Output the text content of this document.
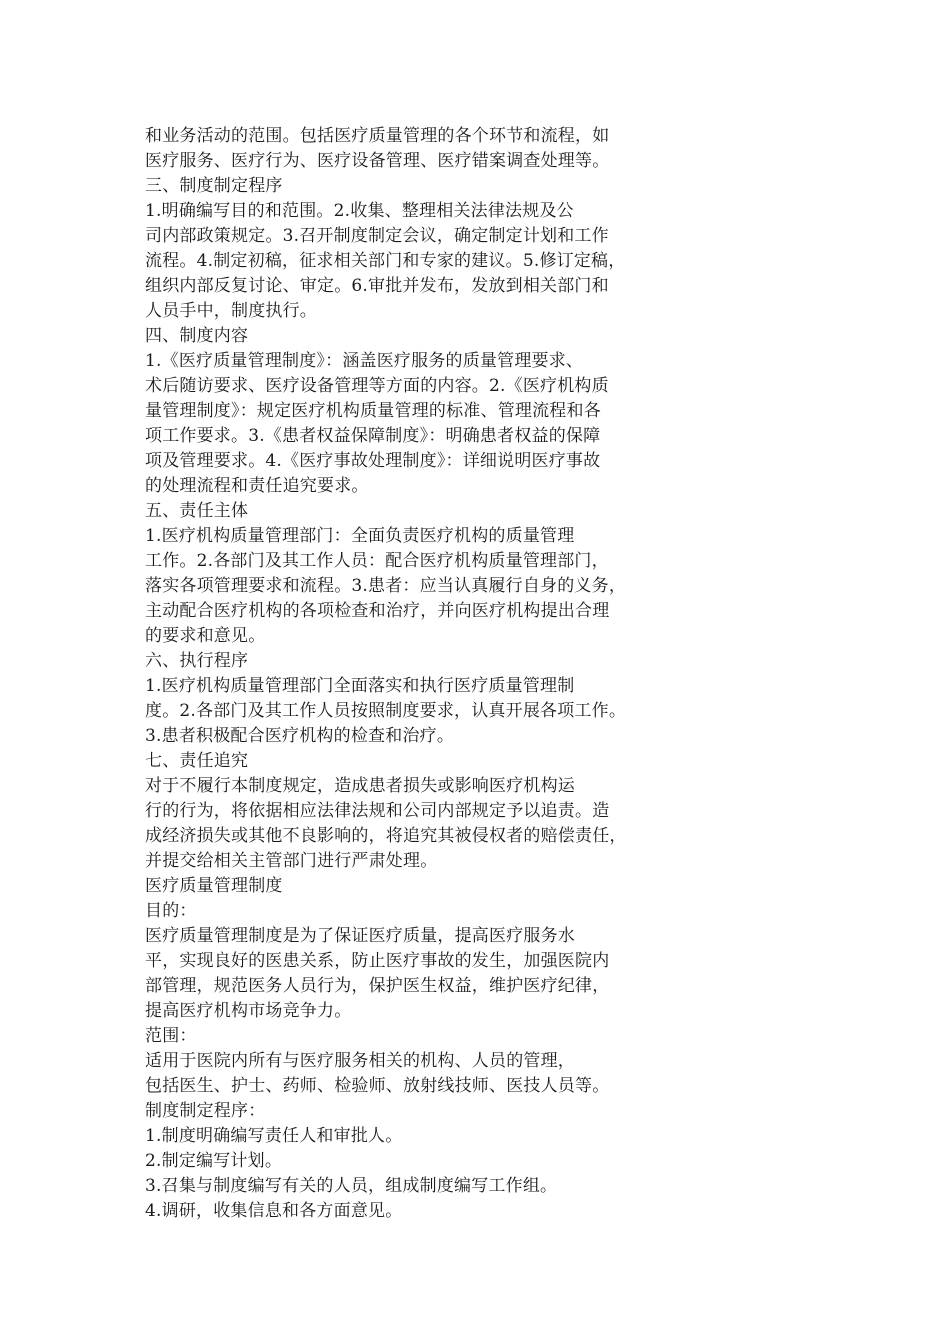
和业务活动的范围。包括医疗质量管理的各个环节和流程，如
医疗服务、医疗行为、医疗设备管理、医疗错案调查处理等。
三、制度制定程序
1.明确编写目的和范围。2.收集、整理相关法律法规及公
司内部政策规定。3.召开制度制定会议，确定制定计划和工作
流程。4.制定初稿，征求相关部门和专家的建议。5.修订定稿，
组织内部反复讨论、审定。6.审批并发布，发放到相关部门和
人员手中，制度执行。
四、制度内容
1.《医疗质量管理制度》：涵盖医疗服务的质量管理要求、
术后随访要求、医疗设备管理等方面的内容。2.《医疗机构质
量管理制度》：规定医疗机构质量管理的标准、管理流程和各
项工作要求。3.《患者权益保障制度》：明确患者权益的保障
项及管理要求。4.《医疗事故处理制度》：详细说明医疗事故
的处理流程和责任追究要求。
五、责任主体
1.医疗机构质量管理部门：全面负责医疗机构的质量管理
工作。2.各部门及其工作人员：配合医疗机构质量管理部门，
落实各项管理要求和流程。3.患者：应当认真履行自身的义务，
主动配合医疗机构的各项检查和治疗，并向医疗机构提出合理
的要求和意见。
六、执行程序
1.医疗机构质量管理部门全面落实和执行医疗质量管理制
度。2.各部门及其工作人员按照制度要求，认真开展各项工作。
3.患者积极配合医疗机构的检查和治疗。
七、责任追究
对于不履行本制度规定，造成患者损失或影响医疗机构运
行的行为，将依据相应法律法规和公司内部规定予以追责。造
成经济损失或其他不良影响的，将追究其被侵权者的赔偿责任，
并提交给相关主管部门进行严肃处理。
医疗质量管理制度
目的：
医疗质量管理制度是为了保证医疗质量，提高医疗服务水
平，实现良好的医患关系，防止医疗事故的发生，加强医院内
部管理，规范医务人员行为，保护医生权益，维护医疗纪律，
提高医疗机构市场竞争力。
范围：
适用于医院内所有与医疗服务相关的机构、人员的管理，
包括医生、护士、药师、检验师、放射线技师、医技人员等。
制度制定程序：
1.制度明确编写责任人和审批人。
2.制定编写计划。
3.召集与制度编写有关的人员，组成制度编写工作组。
4.调研，收集信息和各方面意见。
